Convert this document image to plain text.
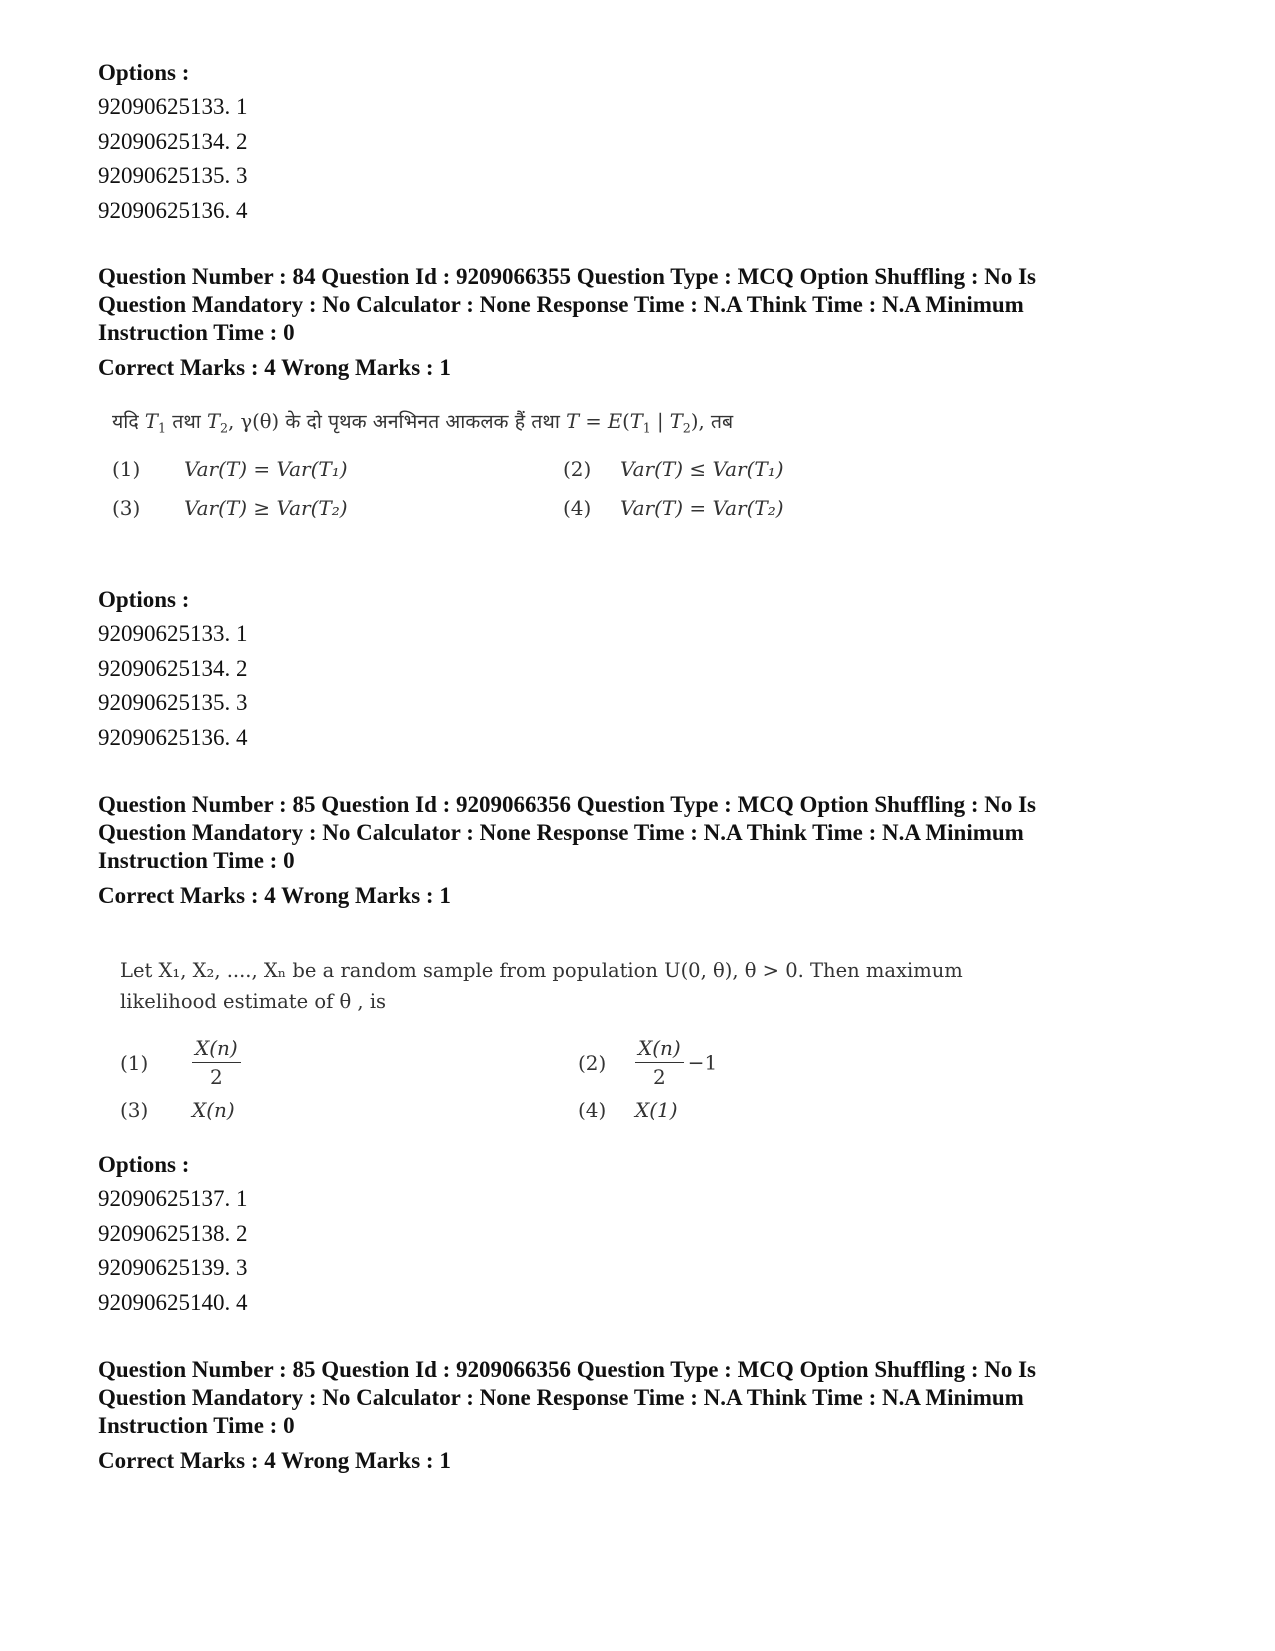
Options :
92090625133. 1
92090625134. 2
92090625135. 3
92090625136. 4
Question Number : 84 Question Id : 9209066355 Question Type : MCQ Option Shuffling : No Is
Question Mandatory : No Calculator : None Response Time : N.A Think Time : N.A Minimum
Instruction Time : 0
Correct Marks : 4 Wrong Marks : 1
यदि $T_1$ तथा $T_2$, γ(θ) के दो पृथक अनभिनत आकलक हैं तथा $T = E(T_1$ | $T_2$), तब
(1) Var(T) = Var(T₁)	(2) Var(T) ≤ Var(T₁)
(3) Var(T) ≥ Var(T₂)	(4) Var(T) = Var(T₂)
Options :
92090625133. 1
92090625134. 2
92090625135. 3
92090625136. 4
Question Number : 85 Question Id : 9209066356 Question Type : MCQ Option Shuffling : No Is
Question Mandatory : No Calculator : None Response Time : N.A Think Time : N.A Minimum
Instruction Time : 0
Correct Marks : 4 Wrong Marks : 1
Let X₁, X₂, ...., Xₙ be a random sample from population U(0, θ), θ > 0. Then maximum
likelihood estimate of θ , is
$(1) \frac{X(n)}{2}$	$(2) \frac{X(n)}{2} -1$
(3) X(n)	(4) X(1)
Options :
92090625137. 1
92090625138. 2
92090625139. 3
92090625140. 4
Question Number : 85 Question Id : 9209066356 Question Type : MCQ Option Shuffling : No Is
Question Mandatory : No Calculator : None Response Time : N.A Think Time : N.A Minimum
Instruction Time : 0
Correct Marks : 4 Wrong Marks : 1
